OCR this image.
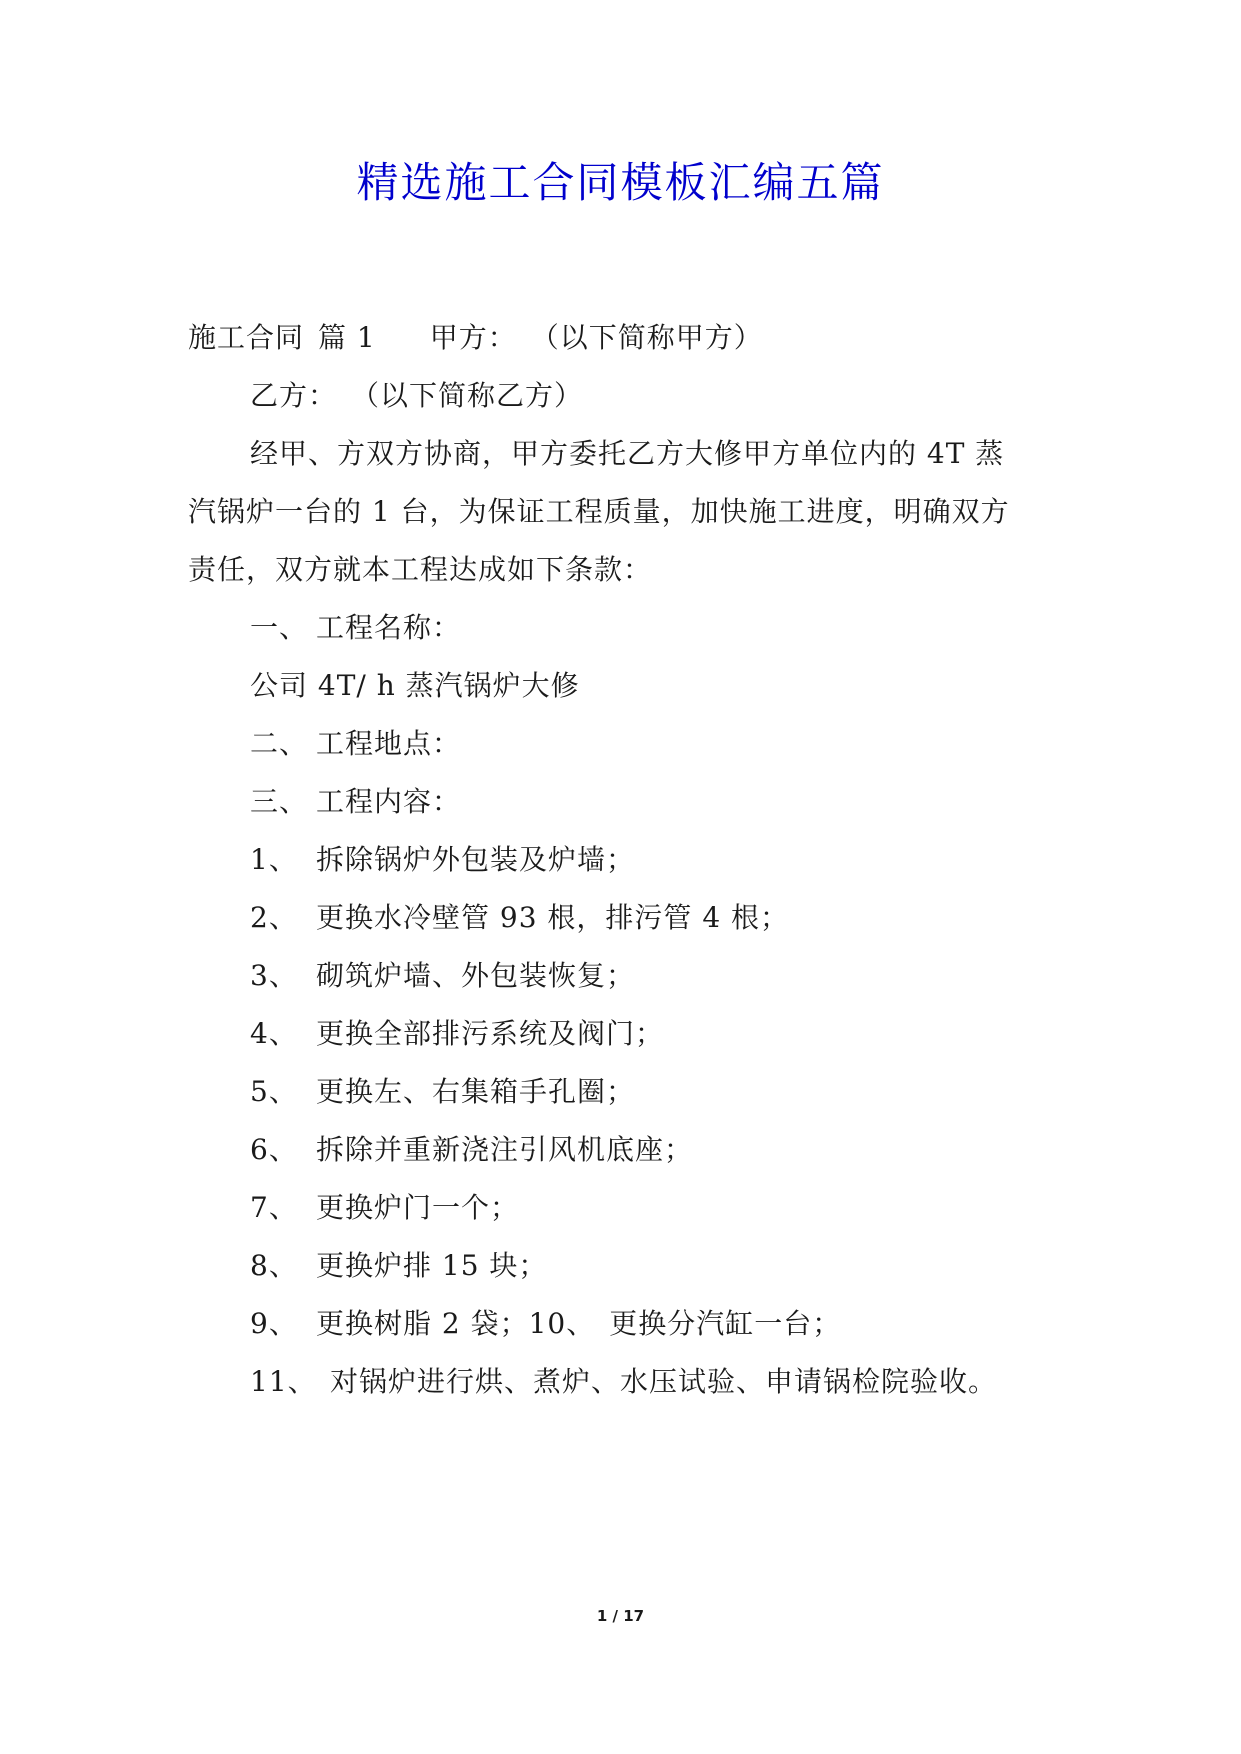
精选施工合同模板汇编五篇

施工合同 篇 1 甲方： （以下简称甲方）

乙方： （以下简称乙方）

经甲、方双方协商，甲方委托乙方大修甲方单位内的 4T 蒸

汽锅炉一台的 1 台，为保证工程质量，加快施工进度，明确双方

责任，双方就本工程达成如下条款：

一、 工程名称：

公司 4T/ h 蒸汽锅炉大修

二、 工程地点：

三、 工程内容：

1、 拆除锅炉外包装及炉墙；

2、 更换水冷壁管 93 根，排污管 4 根；

3、 砌筑炉墙、外包装恢复；

4、 更换全部排污系统及阀门；

5、 更换左、右集箱手孔圈；

6、 拆除并重新浇注引风机底座；

7、 更换炉门一个；

8、 更换炉排 15 块；

9、 更换树脂 2 袋；10、 更换分汽缸一台；

11、 对锅炉进行烘、煮炉、水压试验、申请锅检院验收。

1 / 17
